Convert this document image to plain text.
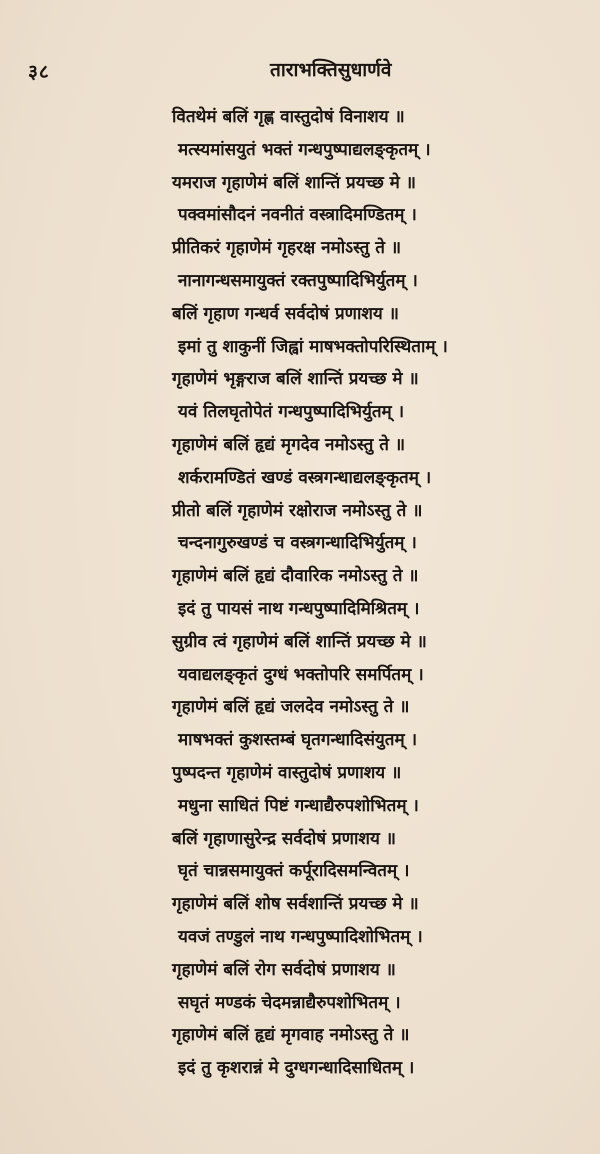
३८	ताराभक्तिसुधार्णवे
वितथेमं बलिं गृह्ण वास्तुदोषं विनाशय ॥
मत्स्यमांसयुतं भक्तं गन्धपुष्पाद्यलङ्कृतम् ।
यमराज गृहाणेमं बलिं शान्तिं प्रयच्छ मे ॥
पक्वमांसौदनं नवनीतं वस्त्रादिमण्डितम् ।
प्रीतिकरं गृहाणेमं गृहरक्ष नमोऽस्तु ते ॥
नानागन्धसमायुक्तं रक्तपुष्पादिभिर्युतम् ।
बलिं गृहाण गन्धर्व सर्वदोषं प्रणाशय ॥
इमां तु शाकुनीं जिह्वां माषभक्तोपरिस्थिताम् ।
गृहाणेमं भृङ्गराज बलिं शान्तिं प्रयच्छ मे ॥
यवं तिलघृतोपेतं गन्धपुष्पादिभिर्युतम् ।
गृहाणेमं बलिं हृद्यं मृगदेव नमोऽस्तु ते ॥
शर्करामण्डितं खण्डं वस्त्रगन्धाद्यलङ्कृतम् ।
प्रीतो बलिं गृहाणेमं रक्षोराज नमोऽस्तु ते ॥
चन्दनागुरुखण्डं च वस्त्रगन्धादिभिर्युतम् ।
गृहाणेमं बलिं हृद्यं दौवारिक नमोऽस्तु ते ॥
इदं तु पायसं नाथ गन्धपुष्पादिमिश्रितम् ।
सुग्रीव त्वं गृहाणेमं बलिं शान्तिं प्रयच्छ मे ॥
यवाद्यलङ्कृतं दुग्धं भक्तोपरि समर्पितम् ।
गृहाणेमं बलिं हृद्यं जलदेव नमोऽस्तु ते ॥
माषभक्तं कुशस्तम्बं घृतगन्धादिसंयुतम् ।
पुष्पदन्त गृहाणेमं वास्तुदोषं प्रणाशय ॥
मधुना साधितं पिष्टं गन्धाद्यैरुपशोभितम् ।
बलिं गृहाणासुरेन्द्र सर्वदोषं प्रणाशय ॥
घृतं चान्नसमायुक्तं कर्पूरादिसमन्वितम् ।
गृहाणेमं बलिं शोष सर्वशान्तिं प्रयच्छ मे ॥
यवजं तण्डुलं नाथ गन्धपुष्पादिशोभितम् ।
गृहाणेमं बलिं रोग सर्वदोषं प्रणाशय ॥
सघृतं मण्डकं चेदमन्नाद्यैरुपशोभितम् ।
गृहाणेमं बलिं हृद्यं मृगवाह नमोऽस्तु ते ॥
इदं तु कृशरान्नं मे दुग्धगन्धादिसाधितम् ।
